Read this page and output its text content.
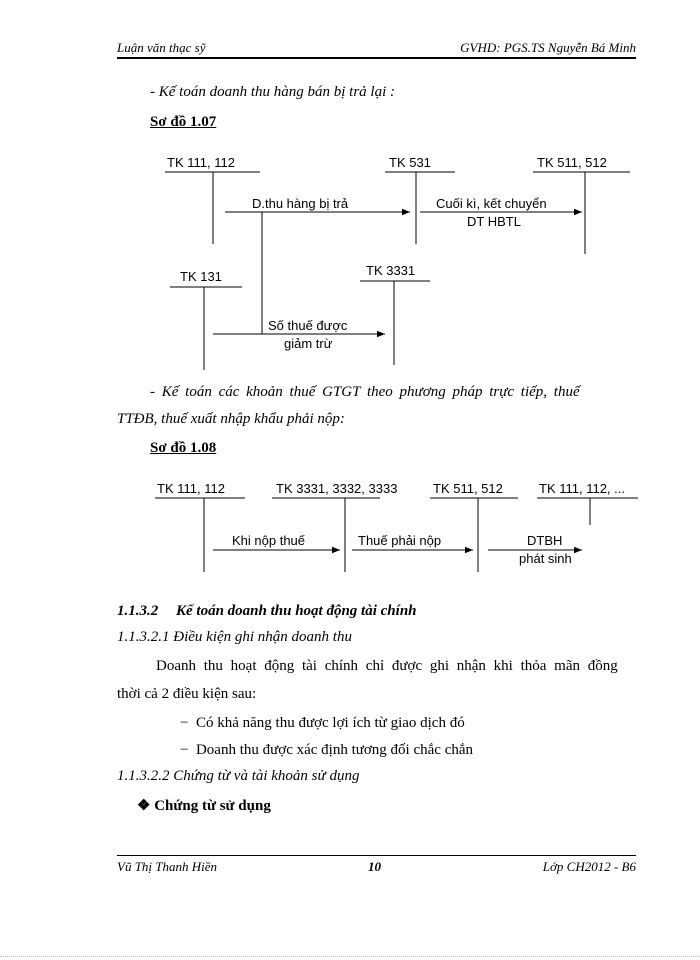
Luận văn thạc sỹ	GVHD: PGS.TS Nguyễn Bá Minh
- Kế toán doanh thu hàng bán bị trả lại :
Sơ đồ 1.07
TK 111, 112	TK 531	TK 511, 512
TK 131	TK 3331
D.thu hàng bị trả	Cuối kì, kết chuyển
DT HBTL
Số thuế được
giảm trừ
- Kế toán các khoản thuế GTGT theo phương pháp trực tiếp, thuế
TTĐB, thuế xuất nhập khẩu phải nộp:
Sơ đồ 1.08
TK 111, 112	TK 3331, 3332, 3333	TK 511, 512	TK 111, 112, ...
Khi nộp thuế	Thuế phải nộp	DTBH
phát sinh
1.1.3.2 Kế toán doanh thu hoạt động tài chính
1.1.3.2.1 Điều kiện ghi nhận doanh thu
Doanh thu hoạt động tài chính chỉ được ghi nhận khi thỏa mãn đồng
thời cả 2 điều kiện sau:
−  Có khả năng thu được lợi ích từ giao dịch đó
−  Doanh thu được xác định tương đối chắc chắn
1.1.3.2.2 Chứng từ và tài khoản sử dụng
❖ Chứng từ sử dụng
Vũ Thị Thanh Hiền	10	Lớp CH2012 - B6
